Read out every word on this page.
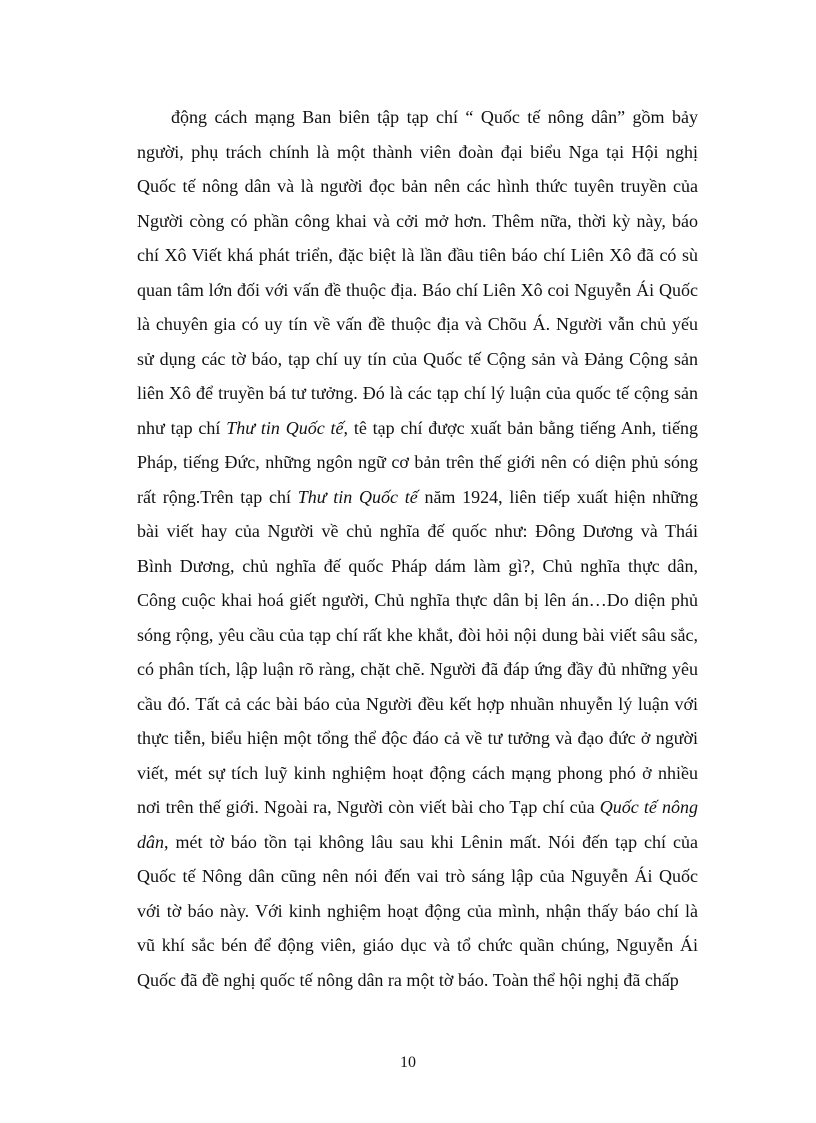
động cách mạng Ban biên tập tạp chí “ Quốc tế nông dân” gồm bảy
người, phụ trách chính là một thành viên đoàn đại biểu Nga tại Hội nghị
Quốc tế nông dân và là người đọc bản nên các hình thức tuyên truyền của
Người còng có phần công khai và cởi mở hơn. Thêm nữa, thời kỳ này, báo
chí Xô Viết khá phát triển, đặc biệt là lần đầu tiên báo chí Liên Xô đã có sù
quan tâm lớn đối với vấn đề thuộc địa. Báo chí Liên Xô coi Nguyễn Ái Quốc
là chuyên gia có uy tín về vấn đề thuộc địa và Chõu Á. Người vẫn chủ yếu
sử dụng các tờ báo, tạp chí uy tín của Quốc tế Cộng sản và Đảng Cộng sản
liên Xô để truyền bá tư tưởng. Đó là các tạp chí lý luận của quốc tế cộng sản
như tạp chí Thư tin Quốc tế, tê tạp chí được xuất bản bằng tiếng Anh, tiếng
Pháp, tiếng Đức, những ngôn ngữ cơ bản trên thế giới nên có diện phủ sóng
rất rộng.Trên tạp chí Thư tin Quốc tế năm 1924, liên tiếp xuất hiện những
bài viết hay của Người về chủ nghĩa đế quốc như: Đông Dương và Thái
Bình Dương, chủ nghĩa đế quốc Pháp dám làm gì?, Chủ nghĩa thực dân,
Công cuộc khai hoá giết người, Chủ nghĩa thực dân bị lên án…Do diện phủ
sóng rộng, yêu cầu của tạp chí rất khe khắt, đòi hỏi nội dung bài viết sâu sắc,
có phân tích, lập luận rõ ràng, chặt chẽ. Người đã đáp ứng đầy đủ những yêu
cầu đó. Tất cả các bài báo của Người đều kết hợp nhuần nhuyễn lý luận với
thực tiễn, biểu hiện một tổng thể độc đáo cả về tư tưởng và đạo đức ở người
viết, mét sự tích luỹ kinh nghiệm hoạt động cách mạng phong phó ở nhiều
nơi trên thế giới. Ngoài ra, Người còn viết bài cho Tạp chí của Quốc tế nông
dân, mét tờ báo tồn tại không lâu sau khi Lênin mất. Nói đến tạp chí của
Quốc tế Nông dân cũng nên nói đến vai trò sáng lập của Nguyễn Ái Quốc
với tờ báo này. Với kinh nghiệm hoạt động của mình, nhận thấy báo chí là
vũ khí sắc bén để động viên, giáo dục và tổ chức quần chúng, Nguyễn Ái
Quốc đã đề nghị quốc tế nông dân ra một tờ báo. Toàn thể hội nghị đã chấp
10
